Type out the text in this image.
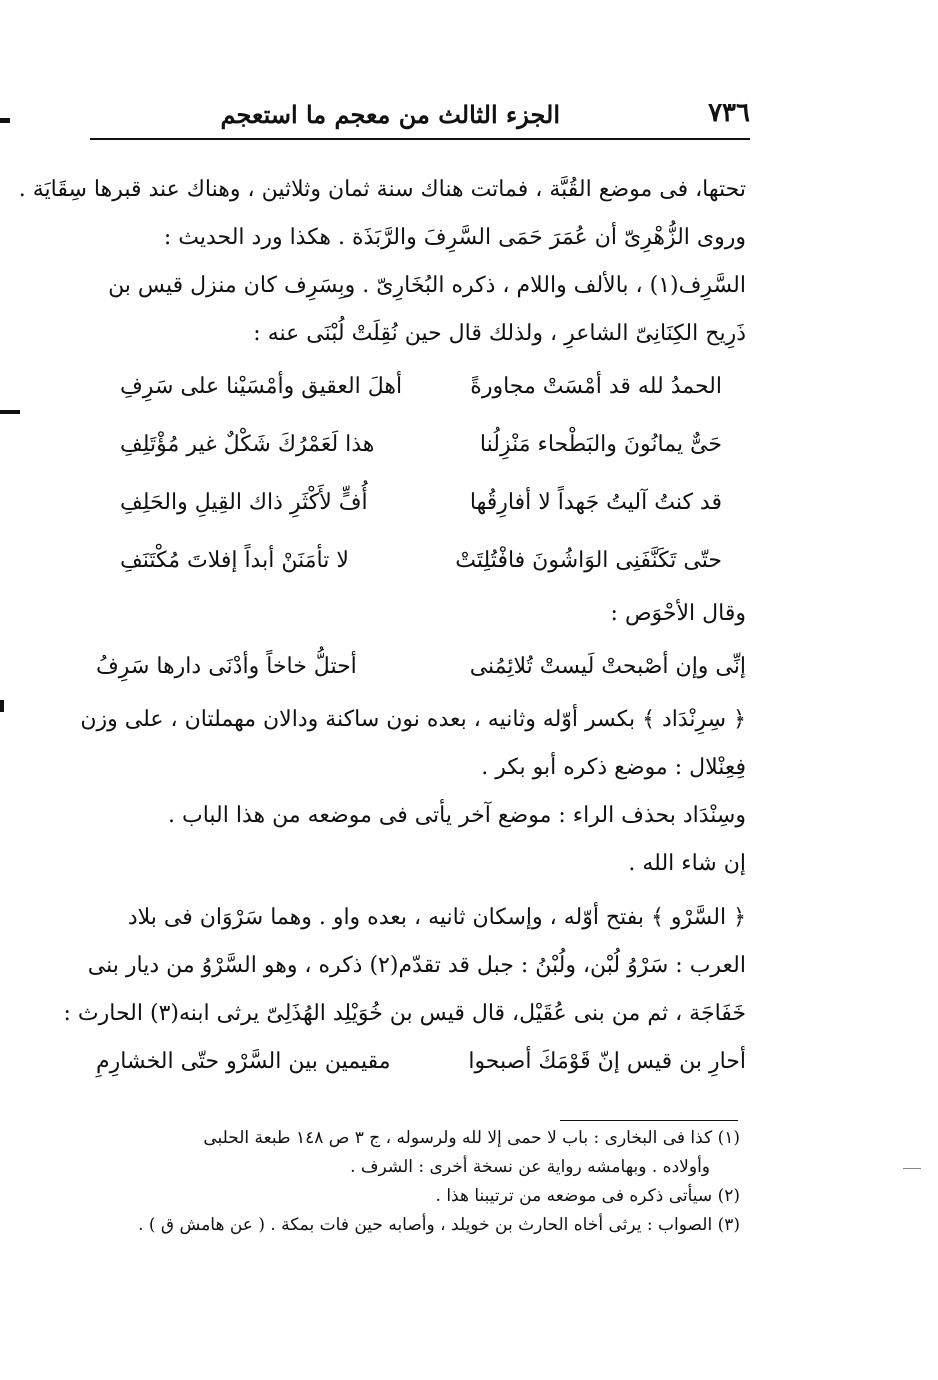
٧٣٦
الجزء الثالث من معجم ما استعجم
تحتها، فى موضع القُبَّة ، فماتت هناك سنة ثمان وثلاثين ، وهناك عند قبرها سِقَايَة .
وروى الزُّهْرِىّ أن عُمَرَ حَمَى السَّرِفَ والرَّبَذَة . هكذا ورد الحديث :
السَّرِف(١) ، بالألف واللام ، ذكره البُخَارِىّ . وبِسَرِف كان منزل قيس بن
ذَرِيح الكِنَانِىّ الشاعرِ ، ولذلك قال حين نُقِلَتْ لُبْنَى عنه :
الحمدُ لله قد أمْسَتْ مجاورةً
أهلَ العقيق وأمْسَيْنا على سَرِفِ
حَىٌّ يمانُونَ والبَطْحاء مَنْزِلُنا
هذا لَعَمْرُكَ شَكْلٌ غير مُؤْتَلِفِ
قد كنتُ آليتُ جَهداً لا أفارِقُها
أُفٍّ لأَكْثَرِ ذاك القِيلِ والحَلِفِ
حتّى تَكَنَّفَنِى الوَاشُونَ فافْتُلِتَتْ
لا تأمَنَنْ أبداً إفلاتَ مُكْتَنَفِ
وقال الأحْوَص :
إنِّى وإن أصْبحتْ لَيستْ تُلائِمُنى
أحتلُّ خاخاً وأدْنَى دارها سَرِفُ
﴿ سِرِنْدَاد ﴾ بكسر أوّله وثانيه ، بعده نون ساكنة ودالان مهملتان ، على وزن
فِعِنْلال : موضع ذكره أبو بكر .
وسِنْدَاد بحذف الراء : موضع آخر يأتى فى موضعه من هذا الباب .
إن شاء الله .
﴿ السَّرْو ﴾ بفتح أوّله ، وإسكان ثانيه ، بعده واو . وهما سَرْوَان فى بلاد
العرب : سَرْوُ لُبْن، ولُبْنُ : جبل قد تقدّم(٢) ذكره ، وهو السَّرْوُ من ديار بنى
خَفَاجَة ، ثم من بنى عُقَيْل، قال قيس بن خُوَيْلِد الهُذَلِىّ يرثى ابنه(٣) الحارث :
أحارِ بن قيس إنّ قَوْمَكَ أصبحوا
مقيمين بين السَّرْو حتّى الخشارِمِ
(١) كذا فى البخارى : باب لا حمى إلا لله ولرسوله ، ج ٣ ص ١٤٨ طبعة الحلبى
وأولاده . وبهامشه رواية عن نسخة أخرى : الشرف .
(٢) سيأتى ذكره فى موضعه من ترتيبنا هذا .
(٣) الصواب : يرثى أخاه الحارث بن خويلد ، وأصابه حين فات بمكة . ( عن هامش ق ) .
